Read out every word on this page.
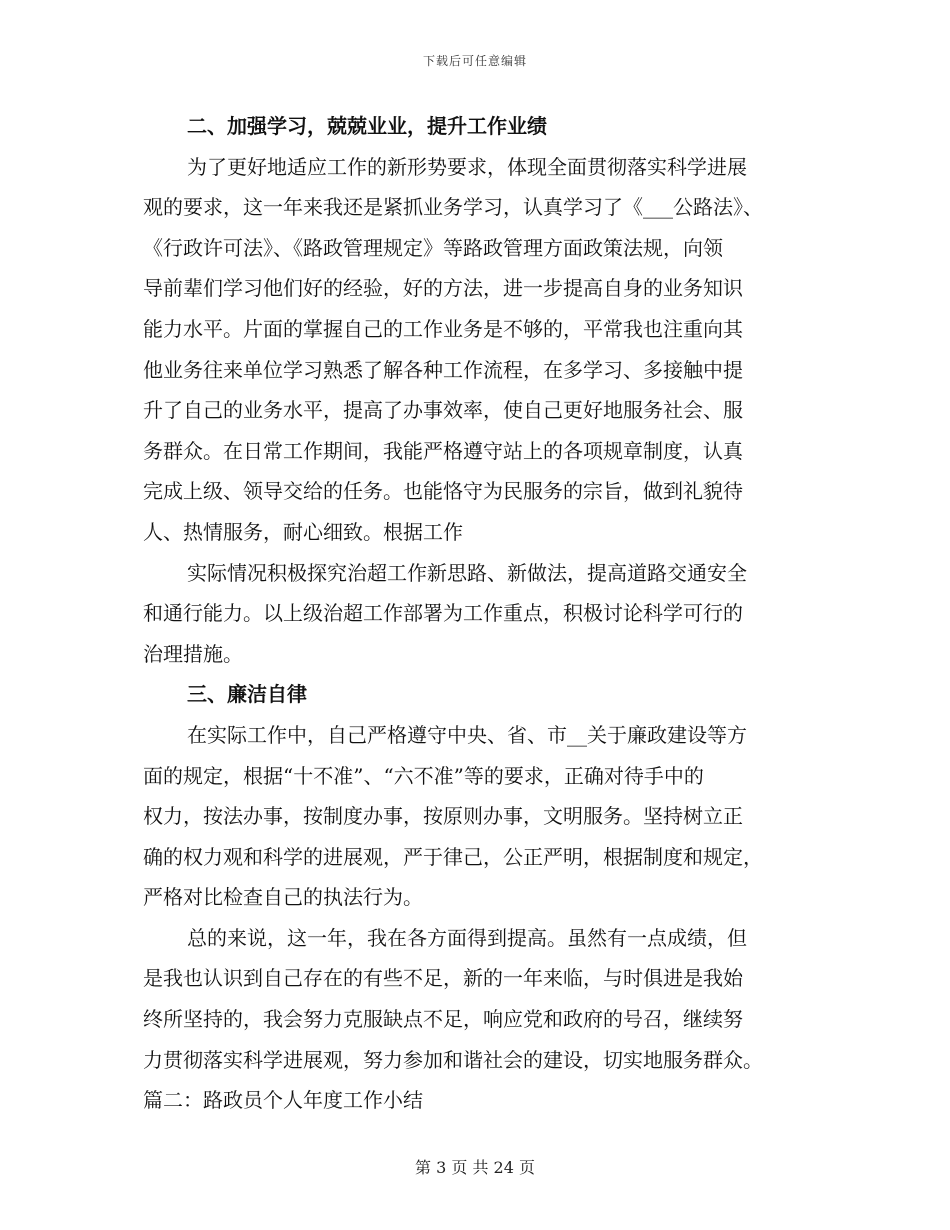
下载后可任意编辑
二、加强学习，兢兢业业，提升工作业绩
为了更好地适应工作的新形势要求，体现全面贯彻落实科学进展
观的要求，这一年来我还是紧抓业务学习，认真学习了《___公路法》、
《行政许可法》、《路政管理规定》等路政管理方面政策法规，向领
导前辈们学习他们好的经验，好的方法，进一步提高自身的业务知识
能力水平。片面的掌握自己的工作业务是不够的，平常我也注重向其
他业务往来单位学习熟悉了解各种工作流程，在多学习、多接触中提
升了自己的业务水平，提高了办事效率，使自己更好地服务社会、服
务群众。在日常工作期间，我能严格遵守站上的各项规章制度，认真
完成上级、领导交给的任务。也能恪守为民服务的宗旨，做到礼貌待
人、热情服务，耐心细致。根据工作
实际情况积极探究治超工作新思路、新做法，提高道路交通安全
和通行能力。以上级治超工作部署为工作重点，积极讨论科学可行的
治理措施。
三、廉洁自律
在实际工作中，自己严格遵守中央、省、市__关于廉政建设等方
面的规定，根据“十不准”、“六不准”等的要求，正确对待手中的
权力，按法办事，按制度办事，按原则办事，文明服务。坚持树立正
确的权力观和科学的进展观，严于律己，公正严明，根据制度和规定，
严格对比检查自己的执法行为。
总的来说，这一年，我在各方面得到提高。虽然有一点成绩，但
是我也认识到自己存在的有些不足，新的一年来临，与时俱进是我始
终所坚持的，我会努力克服缺点不足，响应党和政府的号召，继续努
力贯彻落实科学进展观，努力参加和谐社会的建设，切实地服务群众。
篇二：路政员个人年度工作小结
第 3 页 共 24 页
